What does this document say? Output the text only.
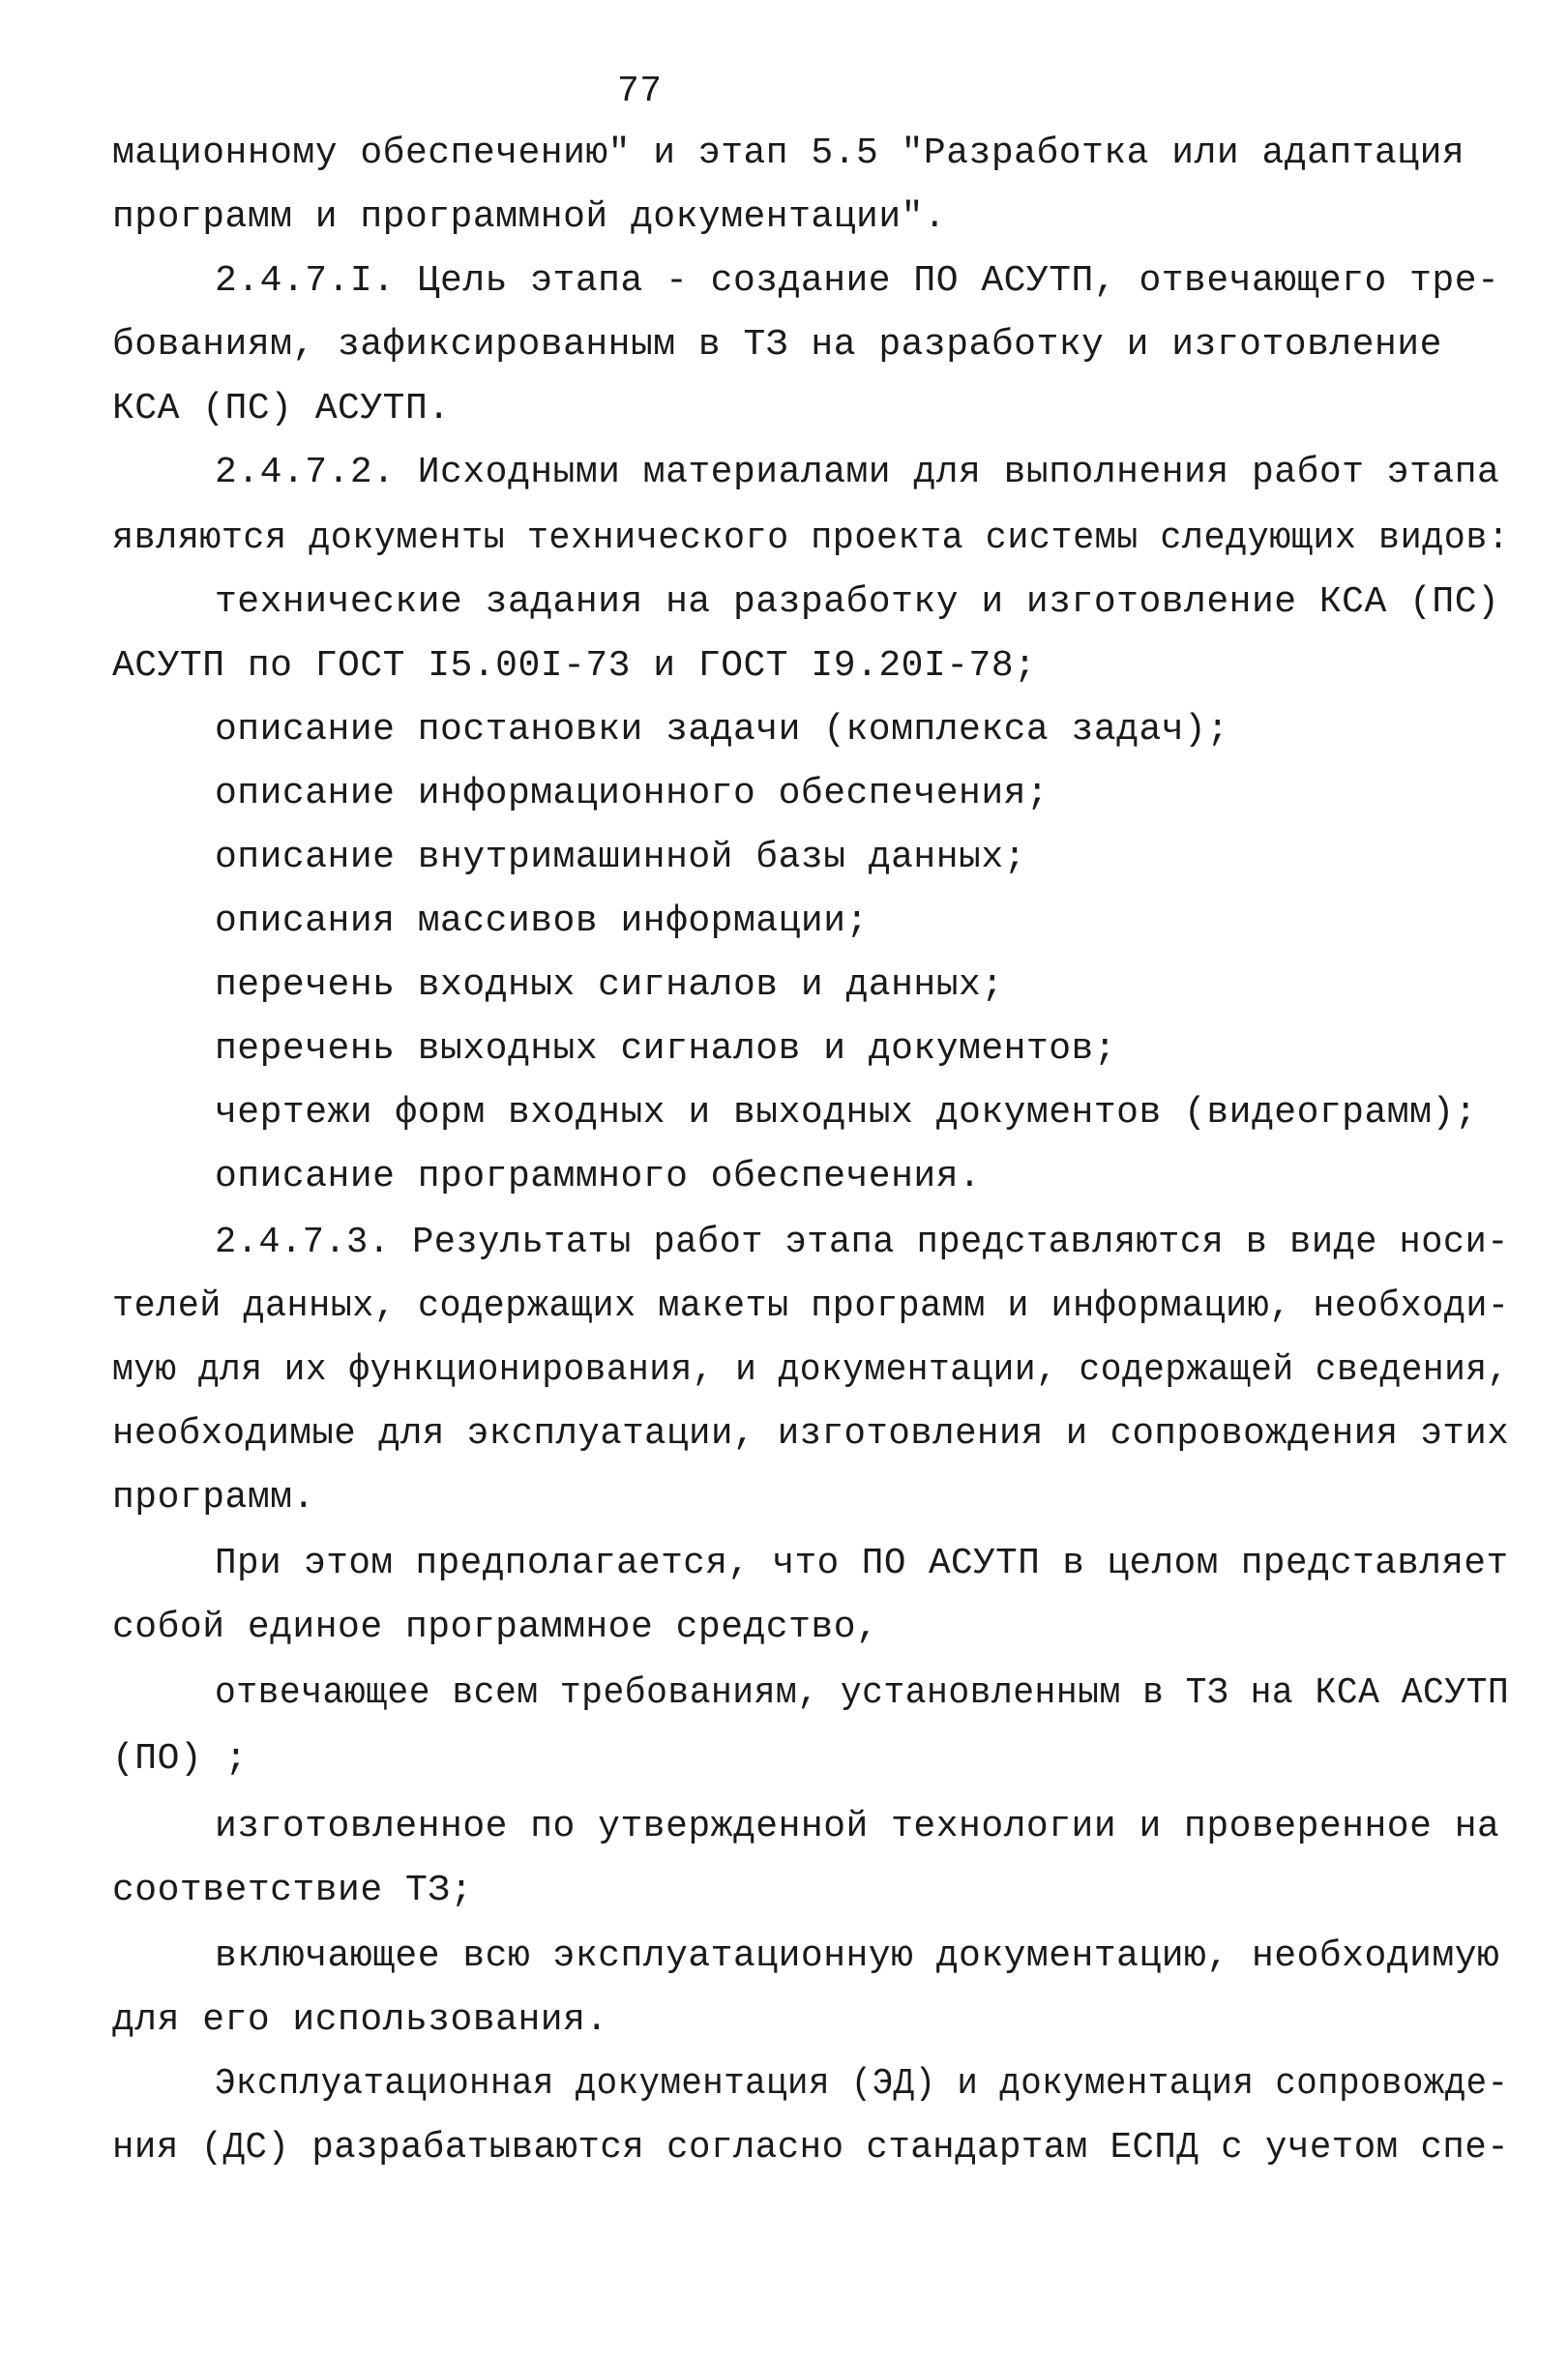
77
мационному обеспечению" и этап 5.5 "Разработка или адаптация
программ и программной документации".
2.4.7.I. Цель этапа - создание ПО АСУТП, отвечающего тре-
бованиям, зафиксированным в ТЗ на разработку и изготовление
КСА (ПС) АСУТП.
2.4.7.2. Исходными материалами для выполнения работ этапа
являются документы технического проекта системы следующих видов:
технические задания на разработку и изготовление КСА (ПС)
АСУТП по ГОСТ I5.00I-73 и ГОСТ I9.20I-78;
описание постановки задачи (комплекса задач);
описание информационного обеспечения;
описание внутримашинной базы данных;
описания массивов информации;
перечень входных сигналов и данных;
перечень выходных сигналов и документов;
чертежи форм входных и выходных документов (видеограмм);
описание программного обеспечения.
2.4.7.3. Результаты работ этапа представляются в виде носи-
телей данных, содержащих макеты программ и информацию, необходи-
мую для их функционирования, и документации, содержащей сведения,
необходимые для эксплуатации, изготовления и сопровождения этих
программ.
При этом предполагается, что ПО АСУТП в целом представляет
собой единое программное средство,
отвечающее всем требованиям, установленным в ТЗ на КСА АСУТП
(ПО) ;
изготовленное по утвержденной технологии и проверенное на
соответствие ТЗ;
включающее всю эксплуатационную документацию, необходимую
для его использования.
Эксплуатационная документация (ЭД) и документация сопровожде-
ния (ДС) разрабатываются согласно стандартам ЕСПД с учетом спе-
